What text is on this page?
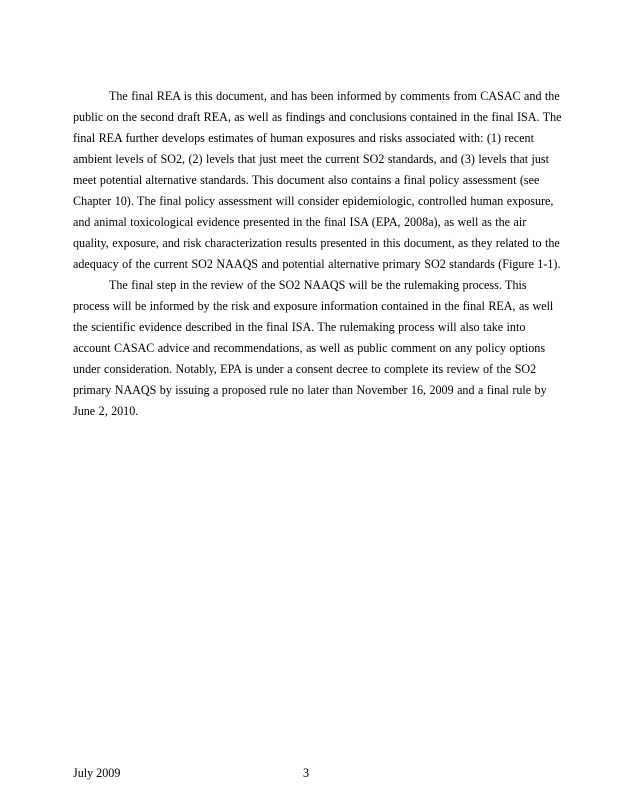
The final REA is this document, and has been informed by comments from CASAC and the public on the second draft REA, as well as findings and conclusions contained in the final ISA. The final REA further develops estimates of human exposures and risks associated with: (1) recent ambient levels of SO2, (2) levels that just meet the current SO2 standards, and (3) levels that just meet potential alternative standards. This document also contains a final policy assessment (see Chapter 10). The final policy assessment will consider epidemiologic, controlled human exposure, and animal toxicological evidence presented in the final ISA (EPA, 2008a), as well as the air quality, exposure, and risk characterization results presented in this document, as they related to the adequacy of the current SO2 NAAQS and potential alternative primary SO2 standards (Figure 1-1).

The final step in the review of the SO2 NAAQS will be the rulemaking process. This process will be informed by the risk and exposure information contained in the final REA, as well the scientific evidence described in the final ISA. The rulemaking process will also take into account CASAC advice and recommendations, as well as public comment on any policy options under consideration. Notably, EPA is under a consent decree to complete its review of the SO2 primary NAAQS by issuing a proposed rule no later than November 16, 2009 and a final rule by June 2, 2010.

July 2009	3
